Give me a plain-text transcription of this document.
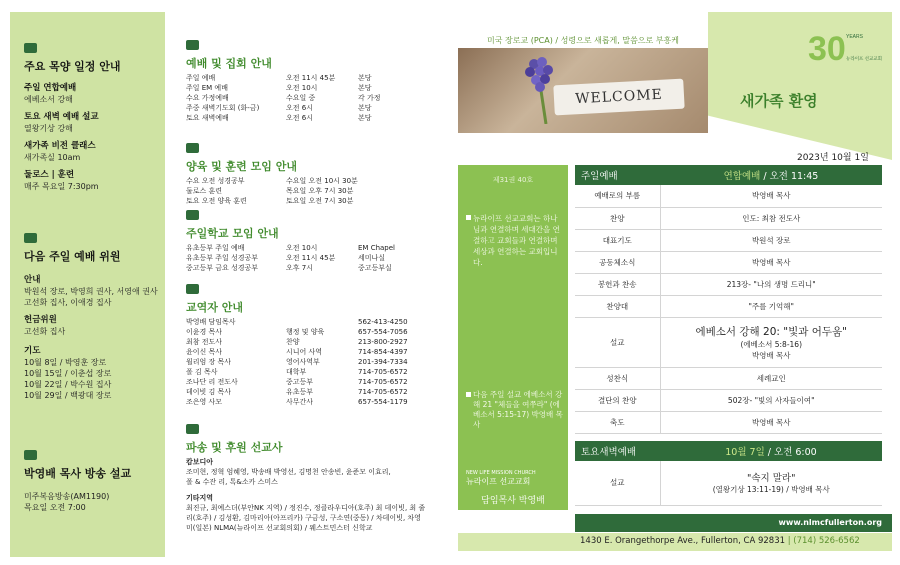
주요 목양 일정 안내
주일 연합예배
에베소서 강해
토요 새벽 예배 설교
열왕기상 강해
새가족 비전 클래스
새가족실 10am
둘로스 | 훈련
매주 목요일 7:30pm
다음 주일 예배 위원
안내
박원석 장로, 박영희 권사, 서영애 권사 고선화 집사, 이애경 집사
헌금위원
고선화 집사
기도
10월 8일 / 박영훈 장로
10월 15일 / 이춘섭 장로
10월 22일 / 박수원 집사
10월 29일 / 백광대 장로
박영배 목사 방송 설교
미주복음방송(AM1190)
목요일 오전 7:00
예배 및 집회 안내
주일 예배	오전 11시 45분	본당
주일 EM 예배	오전 10시	본당
수요 가정예배	수요일 중	각 가정
주중 새벽기도회 (화-금)	오전 6시	본당
토요 새벽예배	오전 6시	본당
양육 및 훈련 모임 안내
수요 오전 성경공부	수요일 오전 10시 30분
둘로스 훈련	목요일 오후 7시 30분
토요 오전 양육 훈련	토요일 오전 7시 30분
주일학교 모임 안내
유초등부 주일 예배	오전 10시	EM Chapel
유초등부 주일 성경공부	오전 11시 45분	세미나실
중고등부 금요 성경공부	오후 7시	중고등부실
교역자 안내
박영배 담임목사	562-413-4250
이윤경 목사	행정 및 양육	657-554-7056
최참 전도사	찬양	213-800-2927
윤이신 목사	시니어 사역	714-854-4397
윌리엄 장 목사	영어사역부	201-394-7334
폴 김 목사	대학부	714-705-6572
조나단 리 전도사	중고등부	714-705-6572
데이빗 김 목사	유초등부	714-705-6572
조은영 사모	사무간사	657-554-1179
파송 및 후원 선교사
캄보디아
조미현, 정혁 엄혜영, 박송배 박영선, 김명천 안송빈, 윤준모 이효리, 폴 & 수잔 리, 톡&소카 스미스
기타지역
최진규, 최예스더(부안NK 지역) / 정진수, 정클라우디아(호주) 최 데이빗, 최 줄리(호주) / 김성환, 김마리아(아프리카) 구금성, 구소연(중동) / 차데이빗, 차영미(일본) NLMA(뉴라이프 선교회의회) / 웨스트민스터 신학교
미국 장로교 (PCA) / 성령으로 새롭게, 말씀으로 부흥케
WELCOME
30 YEARS
뉴라이프 선교교회
새가족 환영
2023년 10월 1일
제31권 40호
뉴라이프 선교교회는 하나님과 연결하며 세대간을 연결하고 교회들과 연결하며 세상과 연결하는 교회입니다.
다음 주일 설교 에베소서 강해 21 "체들을 여쭈라" (에베소서 5:15-17) 박영배 목사
NEW LIFE MISSION CHURCH
뉴라이프 선교교회
담임목사 박영배
주일예배	연합예배 / 오전 11:45
예배로의 부름	박영배 목사
찬양	인도: 최참 전도사
대표기도	박원석 장로
공동체소식	박영배 목사
봉헌과 찬송	213장- "나의 생명 드리니"
찬양대	"주를 기억해"
설교	에베소서 강해 20: "빛과 어두움"
(에베소서 5:8-16)
박영배 목사

성찬식	세례교인
결단의 찬양	502장- "빛의 사자들이여"
축도	박영배 목사
토요새벽예배	10월 7일 / 오전 6:00
설교	"속지 말라"
(열왕기상 13:11-19) / 박영배 목사
www.nlmcfullerton.org
1430 E. Orangethorpe Ave., Fullerton, CA 92831 | (714) 526-6562
